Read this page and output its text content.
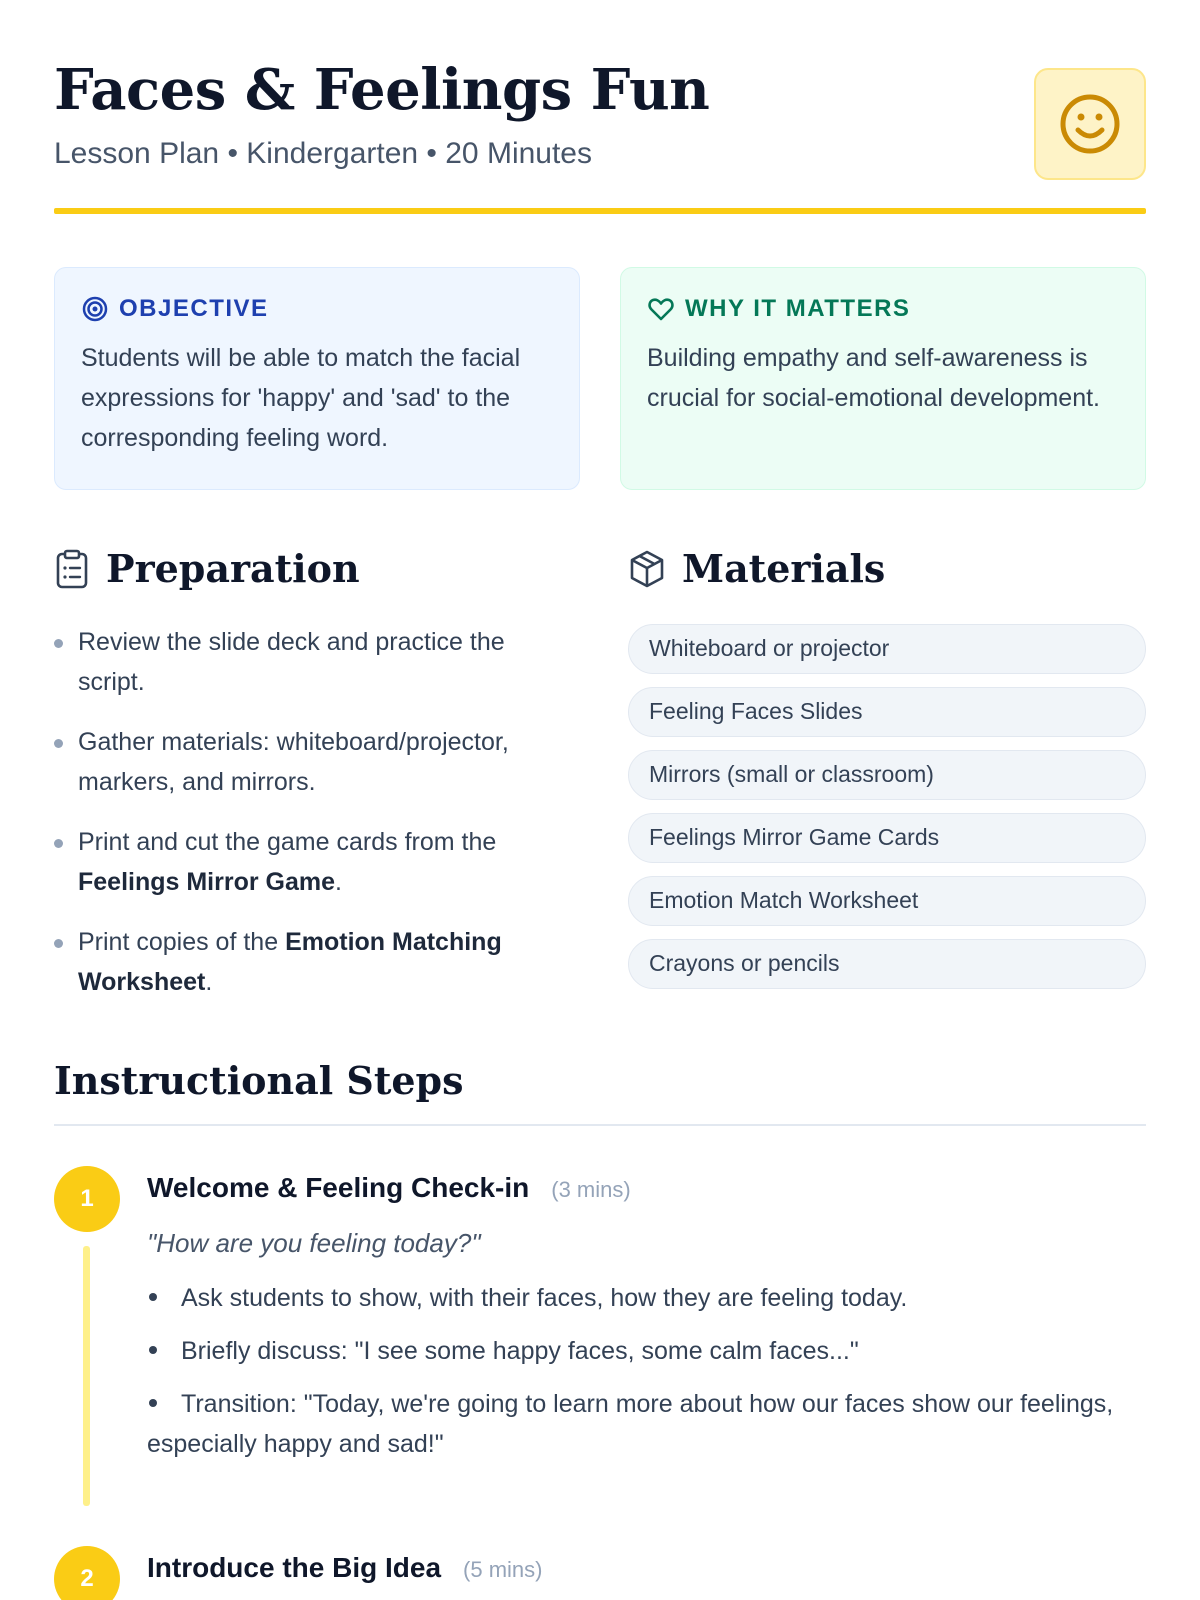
Faces & Feelings Fun
Lesson Plan • Kindergarten • 20 Minutes
OBJECTIVE

Students will be able to match the facial expressions for 'happy' and 'sad' to the corresponding feeling word.

WHY IT MATTERS

Building empathy and self-awareness is crucial for social-emotional development.

Preparation
Review the slide deck and practice the script.
Gather materials: whiteboard/projector, markers, and mirrors.
Print and cut the game cards from the Feelings Mirror Game.
Print copies of the Emotion Matching Worksheet.
Materials
Whiteboard or projector
Feeling Faces Slides
Mirrors (small or classroom)
Feelings Mirror Game Cards
Emotion Match Worksheet
Crayons or pencils
Instructional Steps
1	Welcome & Feeling Check-in (3 mins)
"How are you feeling today?"
Ask students to show, with their faces, how they are feeling today.
Briefly discuss: "I see some happy faces, some calm faces..."
Transition: "Today, we're going to learn more about how our faces show our feelings, especially happy and sad!"
2	Introduce the Big Idea (5 mins)
